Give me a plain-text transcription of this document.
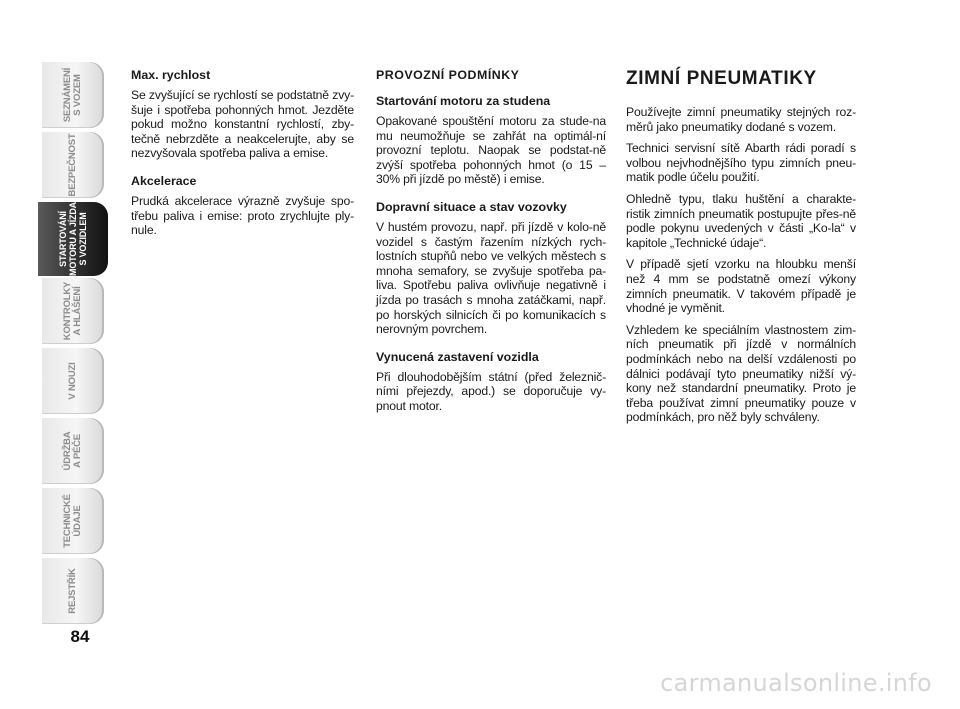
SEZNÁMENÍ
S VOZEM
BEZPEČNOST
STARTOVÁNÍ
MOTORU A JÍZDA
S VOZIDLEM
KONTROLKY
A HLÁŠENÍ
V NOUZI
ÚDRŽBA
A PÉČE
TECHNICKÉ
ÚDAJE
REJSTŘÍK
84
Max. rychlost

Se zvyšující se rychlostí se podstatně zvy-šuje i spotřeba pohonných hmot. Jezděte pokud možno konstantní rychlostí, zby-tečně nebrzděte a neakcelerujte, aby se nezvyšovala spotřeba paliva a emise.

Akcelerace

Prudká akcelerace výrazně zvyšuje spo-třebu paliva i emise: proto zrychlujte ply-nule.

PROVOZNÍ PODMÍNKY
Startování motoru za studena

Opakované spouštění motoru za stude-na mu neumožňuje se zahřát na optimál-ní provozní teplotu. Naopak se podstat-ně zvýší spotřeba pohonných hmot (o 15 – 30% při jízdě po městě) i emise.

Dopravní situace a stav vozovky

V hustém provozu, např. při jízdě v kolo-ně vozidel s častým řazením nízkých rych-lostních stupňů nebo ve velkých městech s mnoha semafory, se zvyšuje spotřeba pa-liva. Spotřebu paliva ovlivňuje negativně i jízda po trasách s mnoha zatáčkami, např. po horských silnicích či po komunikacích s nerovným povrchem.

Vynucená zastavení vozidla

Při dlouhodobějším státní (před železnič-ními přejezdy, apod.) se doporučuje vy-pnout motor.

ZIMNÍ PNEUMATIKY

Používejte zimní pneumatiky stejných roz-měrů jako pneumatiky dodané s vozem.

Technici servisní sítě Abarth rádi poradí s volbou nejvhodnějšího typu zimních pneu-matik podle účelu použití.

Ohledně typu, tlaku huštění a charakte-ristik zimních pneumatik postupujte přes-ně podle pokynu uvedených v části „Ko-la“ v kapitole „Technické údaje“.

V případě sjetí vzorku na hloubku menší než 4 mm se podstatně omezí výkony zimních pneumatik. V takovém případě je vhodné je vyměnit.

Vzhledem ke speciálním vlastnostem zim-ních pneumatik při jízdě v normálních podmínkách nebo na delší vzdálenosti po dálnici podávají tyto pneumatiky nižší vý-kony než standardní pneumatiky. Proto je třeba používat zimní pneumatiky pouze v podmínkách, pro něž byly schváleny.

carmanualsonline.info
